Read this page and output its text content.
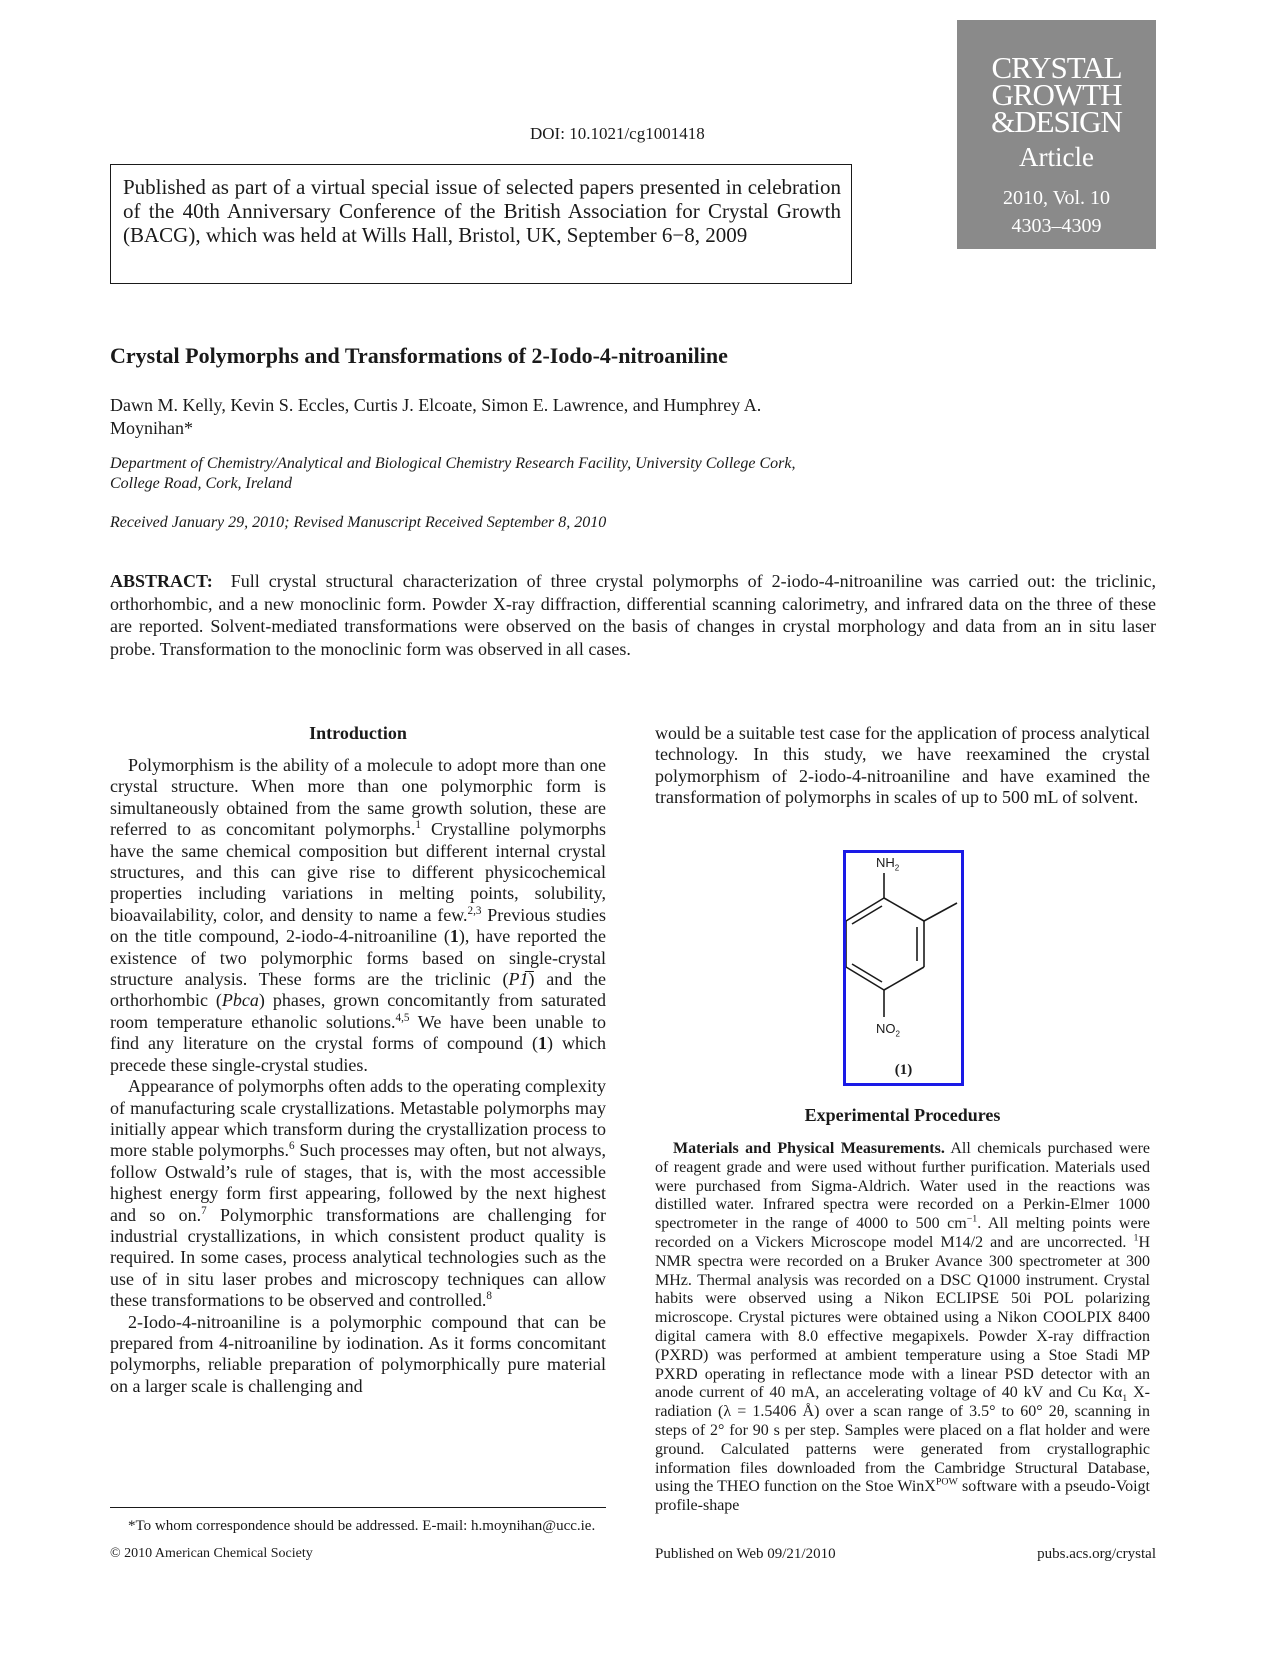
CRYSTAL
GROWTH
&DESIGN
Article
2010, Vol. 10
4303–4309
DOI: 10.1021/cg1001418
Published as part of a virtual special issue of selected papers presented in celebration of the 40th Anniversary Conference of the British Association for Crystal Growth (BACG), which was held at Wills Hall, Bristol, UK, September 6−8, 2009
Crystal Polymorphs and Transformations of 2-Iodo-4-nitroaniline
Dawn M. Kelly, Kevin S. Eccles, Curtis J. Elcoate, Simon E. Lawrence, and Humphrey A. Moynihan*
Department of Chemistry/Analytical and Biological Chemistry Research Facility, University College Cork, College Road, Cork, Ireland
Received January 29, 2010; Revised Manuscript Received September 8, 2010
ABSTRACT: Full crystal structural characterization of three crystal polymorphs of 2-iodo-4-nitroaniline was carried out: the triclinic, orthorhombic, and a new monoclinic form. Powder X-ray diffraction, differential scanning calorimetry, and infrared data on the three of these are reported. Solvent-mediated transformations were observed on the basis of changes in crystal morphology and data from an in situ laser probe. Transformation to the monoclinic form was observed in all cases.
Introduction

Polymorphism is the ability of a molecule to adopt more than one crystal structure. When more than one polymorphic form is simultaneously obtained from the same growth solution, these are referred to as concomitant polymorphs.$^1$ Crystalline polymorphs have the same chemical composition but different internal crystal structures, and this can give rise to different physicochemical properties including variations in melting points, solubility, bioavailability, color, and density to name a few.$^{2,3}$ Previous studies on the title compound, 2-iodo-4-nitroaniline (1), have reported the existence of two polymorphic forms based on single-crystal structure analysis. These forms are the triclinic (P1̅) and the orthorhombic (Pbca) phases, grown concomitantly from saturated room temperature ethanolic solutions.$^{4,5}$ We have been unable to find any literature on the crystal forms of compound (1) which precede these single-crystal studies.

Appearance of polymorphs often adds to the operating complexity of manufacturing scale crystallizations. Metastable polymorphs may initially appear which transform during the crystallization process to more stable polymorphs.$^6$ Such processes may often, but not always, follow Ostwald’s rule of stages, that is, with the most accessible highest energy form first appearing, followed by the next highest and so on.$^7$ Polymorphic transformations are challenging for industrial crystallizations, in which consistent product quality is required. In some cases, process analytical technologies such as the use of in situ laser probes and microscopy techniques can allow these transformations to be observed and controlled.$^8$

2-Iodo-4-nitroaniline is a polymorphic compound that can be prepared from 4-nitroaniline by iodination. As it forms concomitant polymorphs, reliable preparation of polymorphically pure material on a larger scale is challenging and

*To whom correspondence should be addressed. E-mail: h.moynihan@ucc.ie.

would be a suitable test case for the application of process analytical technology. In this study, we have reexamined the crystal polymorphism of 2-iodo-4-nitroaniline and have examined the transformation of polymorphs in scales of up to 500 mL of solvent.

$NH_2$
$NO_2$
(1)
Experimental Procedures

Materials and Physical Measurements. All chemicals purchased were of reagent grade and were used without further purification. Materials used were purchased from Sigma-Aldrich. Water used in the reactions was distilled water. Infrared spectra were recorded on a Perkin-Elmer 1000 spectrometer in the range of 4000 to 500 $cm^{-1}$. All melting points were recorded on a Vickers Microscope model M14/2 and are uncorrected. $^1$H NMR spectra were recorded on a Bruker Avance 300 spectrometer at 300 MHz. Thermal analysis was recorded on a DSC Q1000 instrument. Crystal habits were observed using a Nikon ECLIPSE 50i POL polarizing microscope. Crystal pictures were obtained using a Nikon COOLPIX 8400 digital camera with 8.0 effective megapixels. Powder X-ray diffraction (PXRD) was performed at ambient temperature using a Stoe Stadi MP PXRD operating in reflectance mode with a linear PSD detector with an anode current of 40 mA, an accelerating voltage of 40 kV and Cu $K\alpha_1$ X-radiation (λ = 1.5406 Å) over a scan range of 3.5° to 60° 2θ, scanning in steps of 2° for 90 s per step. Samples were placed on a flat holder and were ground. Calculated patterns were generated from crystallographic information files downloaded from the Cambridge Structural Database, using the THEO function on the Stoe WinX$^{POW}$ software with a pseudo-Voigt profile-shape

© 2010 American Chemical Society	Published on Web 09/21/2010	pubs.acs.org/crystal
